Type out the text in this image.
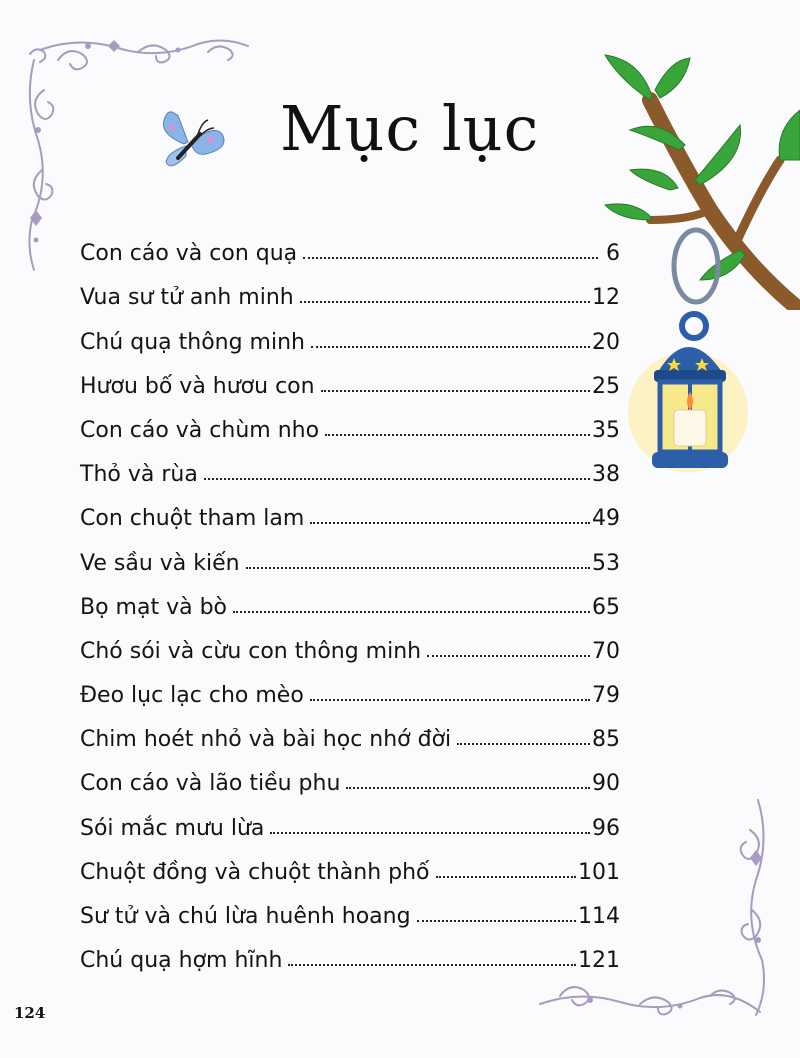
Mục lục
Con cáo và con quạ	6
Vua sư tử anh minh	12
Chú quạ thông minh	20
Hươu bố và hươu con	25
Con cáo và chùm nho	35
Thỏ và rùa	38
Con chuột tham lam	49
Ve sầu và kiến	53
Bọ mạt và bò	65
Chó sói và cừu con thông minh	70
Đeo lục lạc cho mèo	79
Chim hoét nhỏ và bài học nhớ đời	85
Con cáo và lão tiều phu	90
Sói mắc mưu lừa	96
Chuột đồng và chuột thành phố	101
Sư tử và chú lừa huênh hoang	114
Chú quạ hợm hĩnh	121
124
